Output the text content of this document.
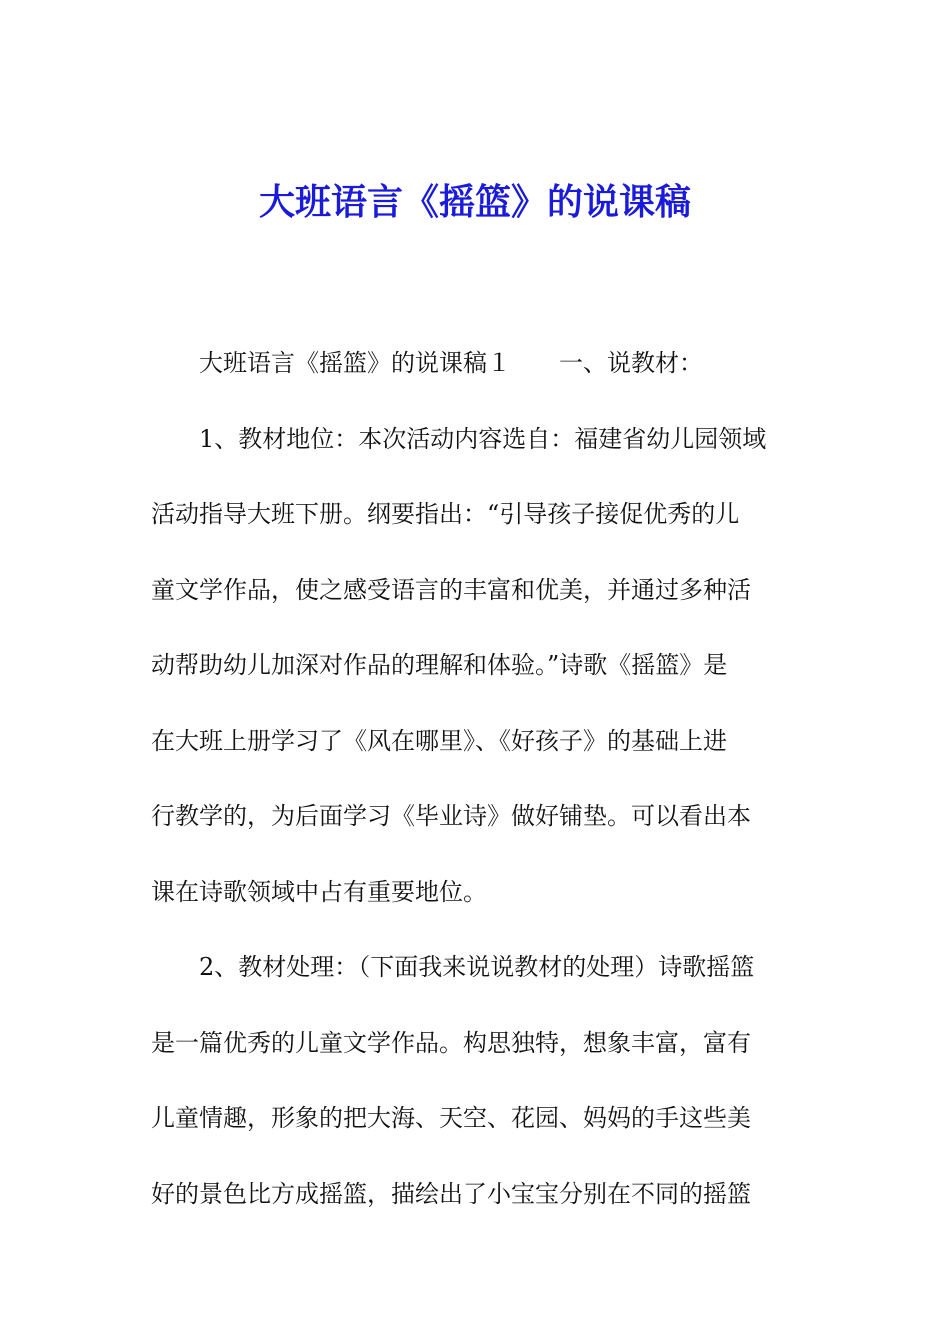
大班语言《摇篮》的说课稿
大班语言《摇篮》的说课稿１　　一、说教材：
1、教材地位：本次活动内容选自：福建省幼儿园领域
活动指导大班下册。纲要指出：“引导孩子接促优秀的儿
童文学作品，使之感受语言的丰富和优美，并通过多种活
动帮助幼儿加深对作品的理解和体验。”诗歌《摇篮》是
在大班上册学习了《风在哪里》、《好孩子》的基础上进
行教学的，为后面学习《毕业诗》做好铺垫。可以看出本
课在诗歌领域中占有重要地位。
2、教材处理：（下面我来说说教材的处理）诗歌摇篮
是一篇优秀的儿童文学作品。构思独特，想象丰富，富有
儿童情趣，形象的把大海、天空、花园、妈妈的手这些美
好的景色比方成摇篮，描绘出了小宝宝分别在不同的摇篮
